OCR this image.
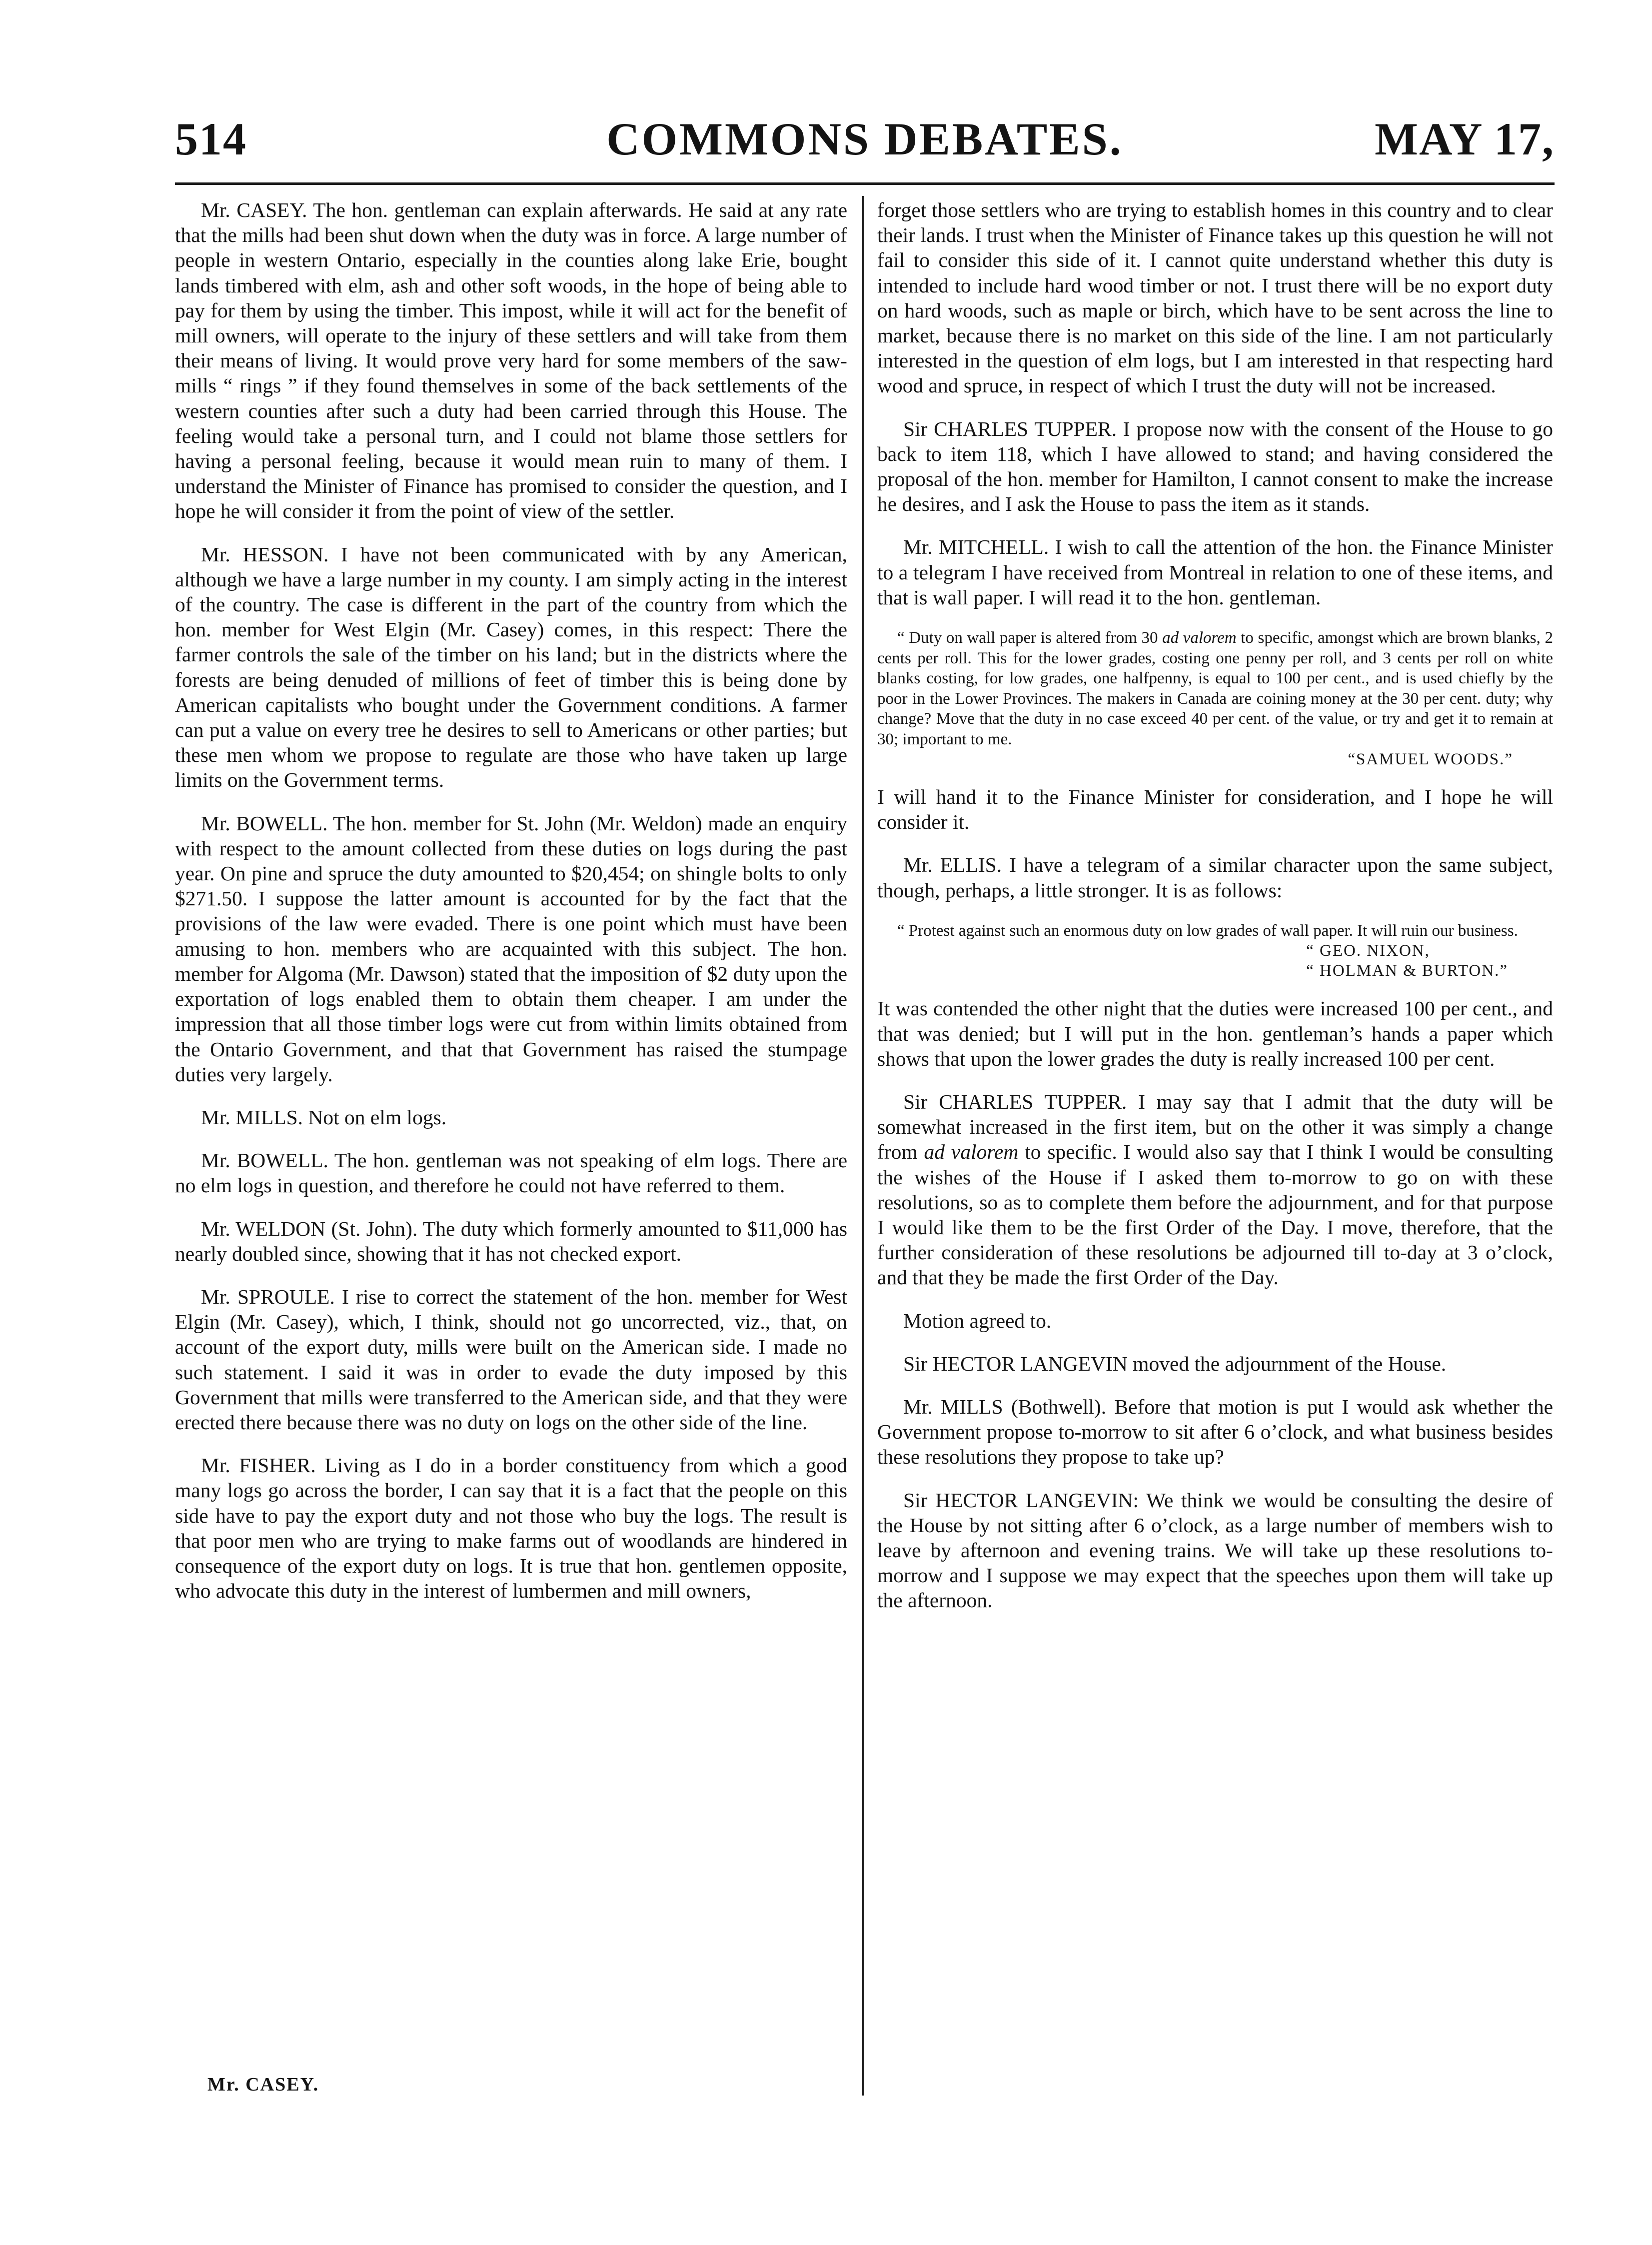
514	COMMONS DEBATES.	MAY 17,

Mr. CASEY. The hon. gentleman can explain afterwards. He said at any rate that the mills had been shut down when the duty was in force. A large number of people in western Ontario, especially in the counties along lake Erie, bought lands timbered with elm, ash and other soft woods, in the hope of being able to pay for them by using the timber. This impost, while it will act for the benefit of mill owners, will operate to the injury of these settlers and will take from them their means of living. It would prove very hard for some members of the saw-mills “ rings ” if they found themselves in some of the back settlements of the western counties after such a duty had been carried through this House. The feeling would take a personal turn, and I could not blame those settlers for having a personal feeling, because it would mean ruin to many of them. I understand the Minister of Finance has promised to consider the question, and I hope he will consider it from the point of view of the settler.

Mr. HESSON. I have not been communicated with by any American, although we have a large number in my county. I am simply acting in the interest of the country. The case is different in the part of the country from which the hon. member for West Elgin (Mr. Casey) comes, in this respect: There the farmer controls the sale of the timber on his land; but in the districts where the forests are being denuded of millions of feet of timber this is being done by American capitalists who bought under the Government conditions. A farmer can put a value on every tree he desires to sell to Americans or other parties; but these men whom we propose to regulate are those who have taken up large limits on the Government terms.

Mr. BOWELL. The hon. member for St. John (Mr. Weldon) made an enquiry with respect to the amount collected from these duties on logs during the past year. On pine and spruce the duty amounted to $20,454; on shingle bolts to only $271.50. I suppose the latter amount is accounted for by the fact that the provisions of the law were evaded. There is one point which must have been amusing to hon. members who are acquainted with this subject. The hon. member for Algoma (Mr. Dawson) stated that the imposition of $2 duty upon the exportation of logs enabled them to obtain them cheaper. I am under the impression that all those timber logs were cut from within limits obtained from the Ontario Government, and that that Government has raised the stumpage duties very largely.

Mr. MILLS. Not on elm logs.

Mr. BOWELL. The hon. gentleman was not speaking of elm logs. There are no elm logs in question, and therefore he could not have referred to them.

Mr. WELDON (St. John). The duty which formerly amounted to $11,000 has nearly doubled since, showing that it has not checked export.

Mr. SPROULE. I rise to correct the statement of the hon. member for West Elgin (Mr. Casey), which, I think, should not go uncorrected, viz., that, on account of the export duty, mills were built on the American side. I made no such statement. I said it was in order to evade the duty imposed by this Government that mills were transferred to the American side, and that they were erected there because there was no duty on logs on the other side of the line.

Mr. FISHER. Living as I do in a border constituency from which a good many logs go across the border, I can say that it is a fact that the people on this side have to pay the export duty and not those who buy the logs. The result is that poor men who are trying to make farms out of woodlands are hindered in consequence of the export duty on logs. It is true that hon. gentlemen opposite, who advocate this duty in the interest of lumbermen and mill owners,

forget those settlers who are trying to establish homes in this country and to clear their lands. I trust when the Minister of Finance takes up this question he will not fail to consider this side of it. I cannot quite understand whether this duty is intended to include hard wood timber or not. I trust there will be no export duty on hard woods, such as maple or birch, which have to be sent across the line to market, because there is no market on this side of the line. I am not particularly interested in the question of elm logs, but I am interested in that respecting hard wood and spruce, in respect of which I trust the duty will not be increased.

Sir CHARLES TUPPER. I propose now with the consent of the House to go back to item 118, which I have allowed to stand; and having considered the proposal of the hon. member for Hamilton, I cannot consent to make the increase he desires, and I ask the House to pass the item as it stands.

Mr. MITCHELL. I wish to call the attention of the hon. the Finance Minister to a telegram I have received from Montreal in relation to one of these items, and that is wall paper. I will read it to the hon. gentleman.

“ Duty on wall paper is altered from 30 ad valorem to specific, amongst which are brown blanks, 2 cents per roll. This for the lower grades, costing one penny per roll, and 3 cents per roll on white blanks costing, for low grades, one halfpenny, is equal to 100 per cent., and is used chiefly by the poor in the Lower Provinces. The makers in Canada are coining money at the 30 per cent. duty; why change? Move that the duty in no case exceed 40 per cent. of the value, or try and get it to remain at 30; important to me.

“SAMUEL WOODS.”

I will hand it to the Finance Minister for consideration, and I hope he will consider it.

Mr. ELLIS. I have a telegram of a similar character upon the same subject, though, perhaps, a little stronger. It is as follows:

“ Protest against such an enormous duty on low grades of wall paper. It will ruin our business.

“ GEO. NIXON,

“ HOLMAN & BURTON.”

It was contended the other night that the duties were increased 100 per cent., and that was denied; but I will put in the hon. gentleman’s hands a paper which shows that upon the lower grades the duty is really increased 100 per cent.

Sir CHARLES TUPPER. I may say that I admit that the duty will be somewhat increased in the first item, but on the other it was simply a change from ad valorem to specific. I would also say that I think I would be consulting the wishes of the House if I asked them to-morrow to go on with these resolutions, so as to complete them before the adjournment, and for that purpose I would like them to be the first Order of the Day. I move, therefore, that the further consideration of these resolutions be adjourned till to-day at 3 o’clock, and that they be made the first Order of the Day.

Motion agreed to.

Sir HECTOR LANGEVIN moved the adjournment of the House.

Mr. MILLS (Bothwell). Before that motion is put I would ask whether the Government propose to-morrow to sit after 6 o’clock, and what business besides these resolutions they propose to take up?

Sir HECTOR LANGEVIN: We think we would be consulting the desire of the House by not sitting after 6 o’clock, as a large number of members wish to leave by afternoon and evening trains. We will take up these resolutions to-morrow and I suppose we may expect that the speeches upon them will take up the afternoon.

Mr. CASEY.
